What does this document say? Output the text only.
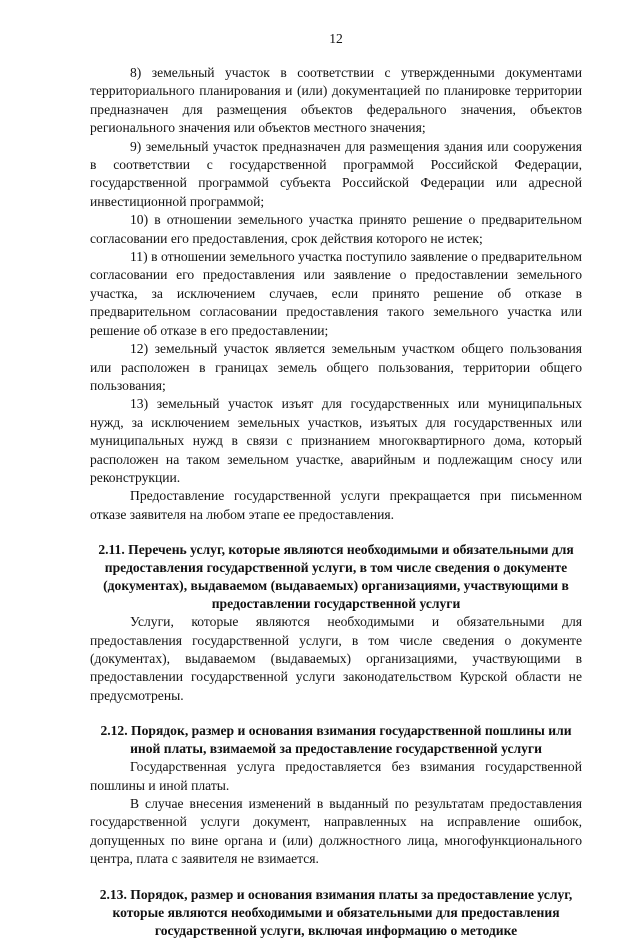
12

8) земельный участок в соответствии с утвержденными документами территориального планирования и (или) документацией по планировке территории предназначен для размещения объектов федерального значения, объектов регионального значения или объектов местного значения;

9) земельный участок предназначен для размещения здания или сооружения в соответствии с государственной программой Российской Федерации, государственной программой субъекта Российской Федерации или адресной инвестиционной программой;

10) в отношении земельного участка принято решение о предварительном согласовании его предоставления, срок действия которого не истек;

11) в отношении земельного участка поступило заявление о предварительном согласовании его предоставления или заявление о предоставлении земельного участка, за исключением случаев, если принято решение об отказе в предварительном согласовании предоставления такого земельного участка или решение об отказе в его предоставлении;

12) земельный участок является земельным участком общего пользования или расположен в границах земель общего пользования, территории общего пользования;

13) земельный участок изъят для государственных или муниципальных нужд, за исключением земельных участков, изъятых для государственных или муниципальных нужд в связи с признанием многоквартирного дома, который расположен на таком земельном участке, аварийным и подлежащим сносу или реконструкции.

Предоставление государственной услуги прекращается при письменном отказе заявителя на любом этапе ее предоставления.

2.11. Перечень услуг, которые являются необходимыми и обязательными для предоставления государственной услуги, в том числе сведения о документе (документах), выдаваемом (выдаваемых) организациями, участвующими в предоставлении государственной услуги

Услуги, которые являются необходимыми и обязательными для предоставления государственной услуги, в том числе сведения о документе (документах), выдаваемом (выдаваемых) организациями, участвующими в предоставлении государственной услуги законодательством Курской области не предусмотрены.

2.12. Порядок, размер и основания взимания государственной пошлины или иной платы, взимаемой за предоставление государственной услуги

Государственная услуга предоставляется без взимания государственной пошлины и иной платы.

В случае внесения изменений в выданный по результатам предоставления государственной услуги документ, направленных на исправление ошибок, допущенных по вине органа и (или) должностного лица, многофункционального центра, плата с заявителя не взимается.

2.13. Порядок, размер и основания взимания платы за предоставление услуг, которые являются необходимыми и обязательными для предоставления государственной услуги, включая информацию о методике
